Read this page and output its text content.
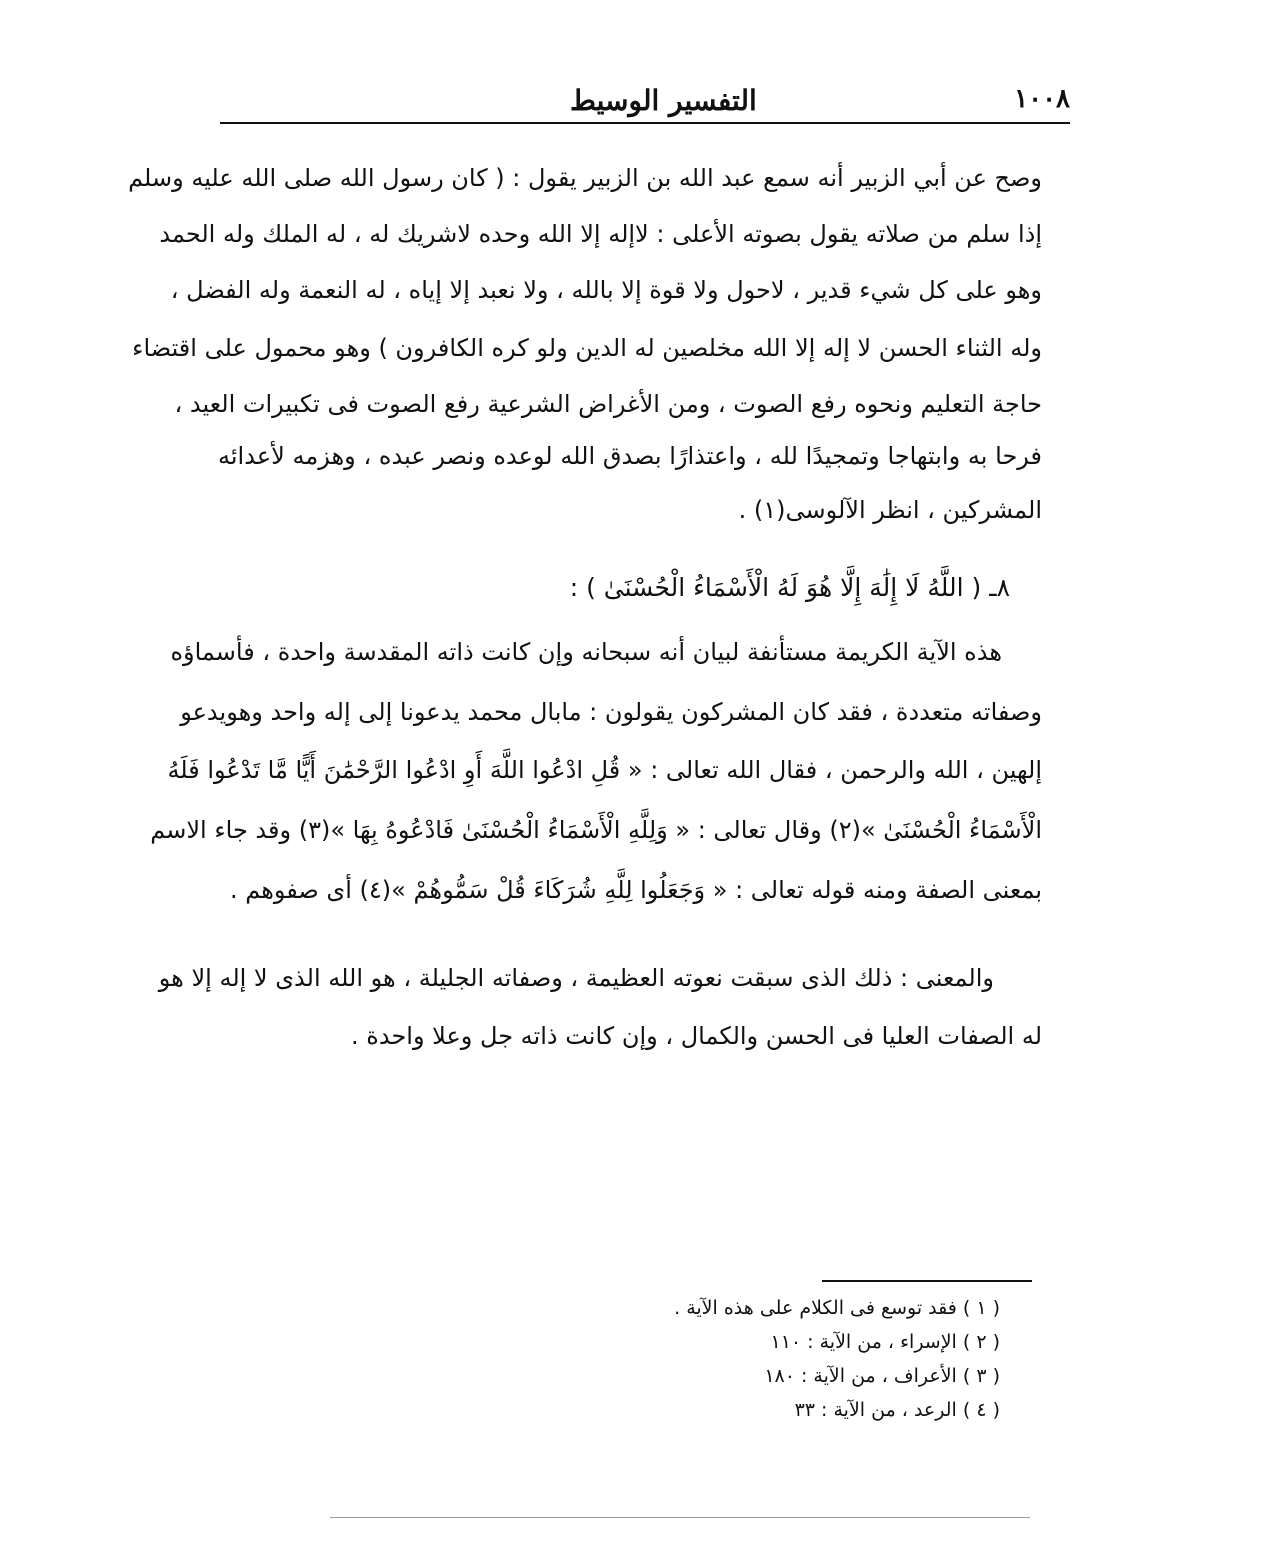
التفسير الوسيط	١٠٠٨
وصح عن أبي الزبير أنه سمع عبد الله بن الزبير يقول : ( كان رسول الله صلى الله عليه وسلم
إذا سلم من صلاته يقول بصوته الأعلى : لاإله إلا الله وحده لاشريك له ، له الملك وله الحمد
وهو على كل شيء قدير ، لاحول ولا قوة إلا بالله ، ولا نعبد إلا إياه ، له النعمة وله الفضل ،
وله الثناء الحسن لا إله إلا الله مخلصين له الدين ولو كره الكافرون ) وهو محمول على اقتضاء
حاجة التعليم ونحوه رفع الصوت ، ومن الأغراض الشرعية رفع الصوت فى تكبيرات العيد ،
فرحا به وابتهاجا وتمجيدًا لله ، واعتذارًا بصدق الله لوعده ونصر عبده ، وهزمه لأعدائه
المشركين ، انظر الآلوسى(١) .
٨ـ ( اللَّهُ لَا إِلَٰهَ إِلَّا هُوَ لَهُ الْأَسْمَاءُ الْحُسْنَىٰ ) :
هذه الآية الكريمة مستأنفة لبيان أنه سبحانه وإن كانت ذاته المقدسة واحدة ، فأسماؤه
وصفاته متعددة ، فقد كان المشركون يقولون : مابال محمد يدعونا إلى إله واحد وهويدعو
إلهين ، الله والرحمن ، فقال الله تعالى : « قُلِ ادْعُوا اللَّهَ أَوِ ادْعُوا الرَّحْمَٰنَ أَيًّا مَّا تَدْعُوا فَلَهُ
الْأَسْمَاءُ الْحُسْنَىٰ »(٢) وقال تعالى : « وَلِلَّهِ الْأَسْمَاءُ الْحُسْنَىٰ فَادْعُوهُ بِهَا »(٣) وقد جاء الاسم
بمعنى الصفة ومنه قوله تعالى : « وَجَعَلُوا لِلَّهِ شُرَكَاءَ قُلْ سَمُّوهُمْ »(٤) أى صفوهم .
والمعنى : ذلك الذى سبقت نعوته العظيمة ، وصفاته الجليلة ، هو الله الذى لا إله إلا هو
له الصفات العليا فى الحسن والكمال ، وإن كانت ذاته جل وعلا واحدة .
( ١ ) فقد توسع فى الكلام على هذه الآية .
( ٢ ) الإسراء ، من الآية : ١١٠
( ٣ ) الأعراف ، من الآية : ١٨٠
( ٤ ) الرعد ، من الآية : ٣٣
